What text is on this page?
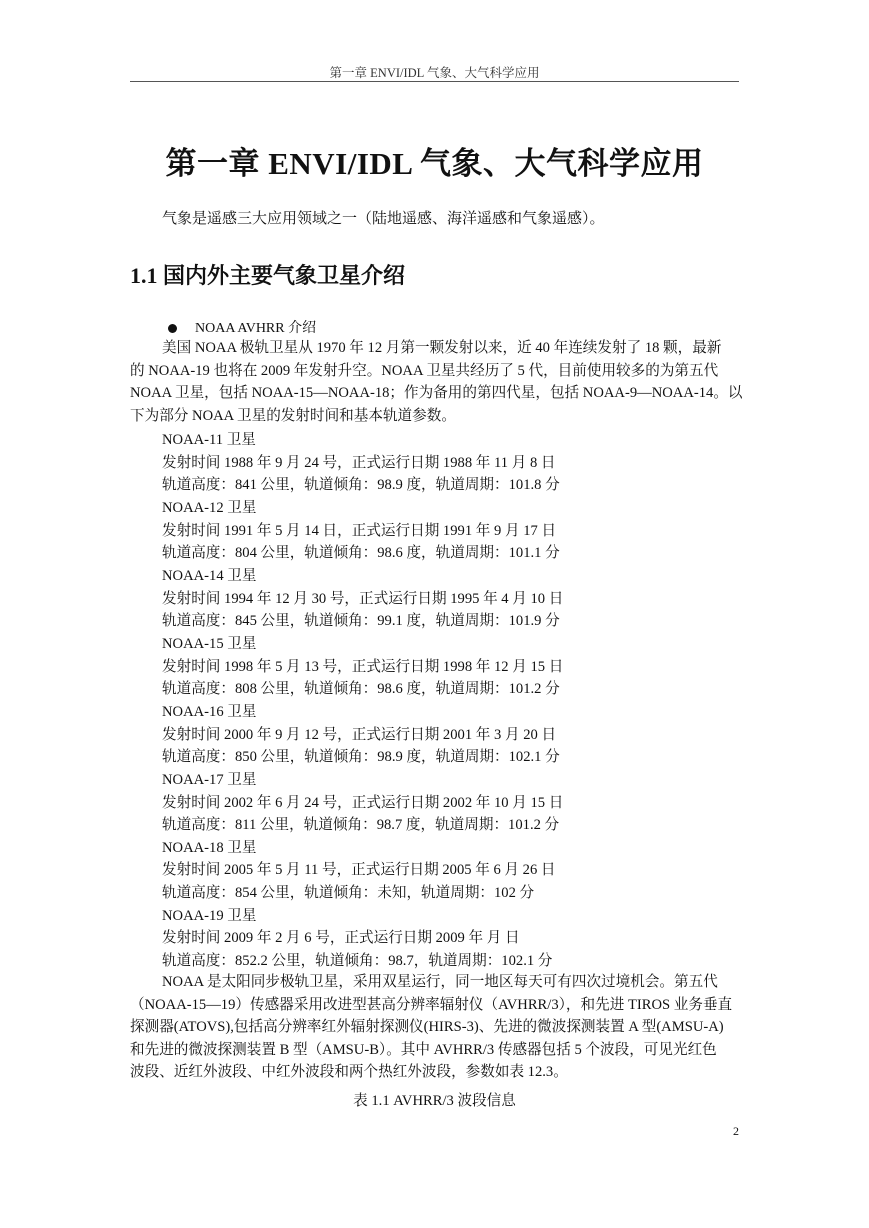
第一章 ENVI/IDL 气象、大气科学应用
第一章 ENVI/IDL 气象、大气科学应用
气象是遥感三大应用领域之一（陆地遥感、海洋遥感和气象遥感）。
1.1 国内外主要气象卫星介绍
NOAA AVHRR 介绍
美国 NOAA 极轨卫星从 1970 年 12 月第一颗发射以来，近 40 年连续发射了 18 颗，最新
的 NOAA-19 也将在 2009 年发射升空。NOAA 卫星共经历了 5 代，目前使用较多的为第五代
NOAA 卫星，包括 NOAA-15—NOAA-18；作为备用的第四代星，包括 NOAA-9—NOAA-14。以
下为部分 NOAA 卫星的发射时间和基本轨道参数。
NOAA-11 卫星
发射时间 1988 年 9 月 24 号，正式运行日期 1988 年 11 月 8 日
轨道高度：841 公里，轨道倾角：98.9 度，轨道周期：101.8 分
NOAA-12 卫星
发射时间 1991 年 5 月 14 日，正式运行日期 1991 年 9 月 17 日
轨道高度：804 公里，轨道倾角：98.6 度，轨道周期：101.1 分
NOAA-14 卫星
发射时间 1994 年 12 月 30 号，正式运行日期 1995 年 4 月 10 日
轨道高度：845 公里，轨道倾角：99.1 度，轨道周期：101.9 分
NOAA-15 卫星
发射时间 1998 年 5 月 13 号，正式运行日期 1998 年 12 月 15 日
轨道高度：808 公里，轨道倾角：98.6 度，轨道周期：101.2 分
NOAA-16 卫星
发射时间 2000 年 9 月 12 号，正式运行日期 2001 年 3 月 20 日
轨道高度：850 公里，轨道倾角：98.9 度，轨道周期：102.1 分
NOAA-17 卫星
发射时间 2002 年 6 月 24 号，正式运行日期 2002 年 10 月 15 日
轨道高度：811 公里，轨道倾角：98.7 度，轨道周期：101.2 分
NOAA-18 卫星
发射时间 2005 年 5 月 11 号，正式运行日期 2005 年 6 月 26 日
轨道高度：854 公里，轨道倾角：未知，轨道周期：102 分
NOAA-19 卫星
发射时间 2009 年 2 月 6 号，正式运行日期 2009 年 月 日
轨道高度：852.2 公里，轨道倾角：98.7，轨道周期：102.1 分
NOAA 是太阳同步极轨卫星，采用双星运行，同一地区每天可有四次过境机会。第五代
（NOAA-15—19）传感器采用改进型甚高分辨率辐射仪（AVHRR/3），和先进 TIROS 业务垂直
探测器(ATOVS),包括高分辨率红外辐射探测仪(HIRS-3)、先进的微波探测装置 A 型(AMSU-A)
和先进的微波探测装置 B 型（AMSU-B）。其中 AVHRR/3 传感器包括 5 个波段，可见光红色
波段、近红外波段、中红外波段和两个热红外波段，参数如表 12.3。
表 1.1 AVHRR/3 波段信息
2
